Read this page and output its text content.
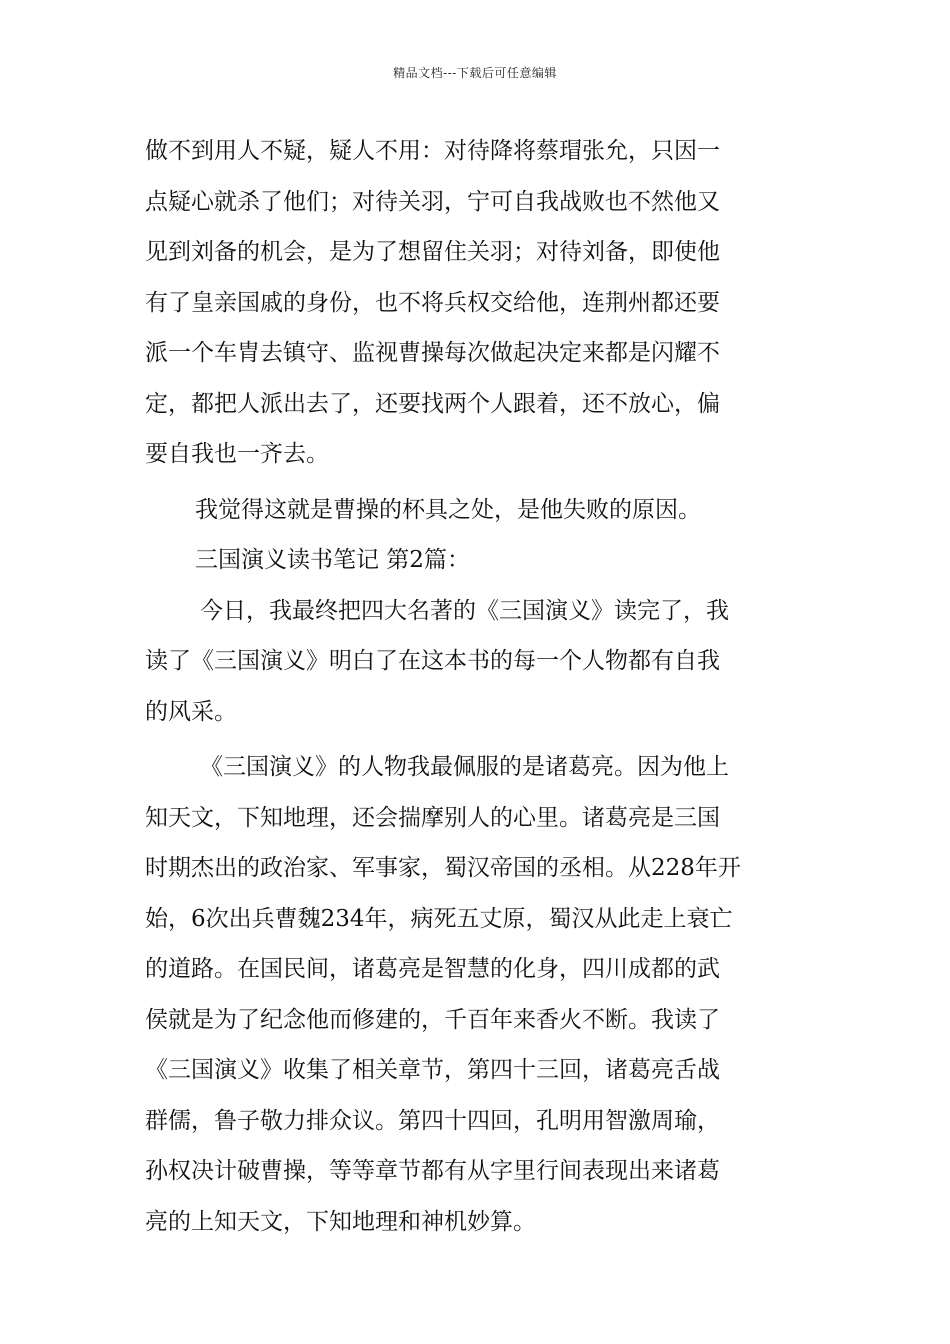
精品文档---下载后可任意编辑
做不到用人不疑，疑人不用：对待降将蔡瑁张允，只因一
点疑心就杀了他们；对待关羽，宁可自我战败也不然他又
见到刘备的机会，是为了想留住关羽；对待刘备，即使他
有了皇亲国戚的身份，也不将兵权交给他，连荆州都还要
派一个车胄去镇守、监视曹操每次做起决定来都是闪耀不
定，都把人派出去了，还要找两个人跟着，还不放心，偏
要自我也一齐去。
我觉得这就是曹操的杯具之处，是他失败的原因。
三国演义读书笔记 第2篇：
今日，我最终把四大名著的《三国演义》读完了，我
读了《三国演义》明白了在这本书的每一个人物都有自我
的风采。
《三国演义》的人物我最佩服的是诸葛亮。因为他上
知天文，下知地理，还会揣摩别人的心里。诸葛亮是三国
时期杰出的政治家、军事家，蜀汉帝国的丞相。从228年开
始，6次出兵曹魏234年，病死五丈原，蜀汉从此走上衰亡
的道路。在国民间，诸葛亮是智慧的化身，四川成都的武
侯就是为了纪念他而修建的，千百年来香火不断。我读了
《三国演义》收集了相关章节，第四十三回，诸葛亮舌战
群儒，鲁子敬力排众议。第四十四回，孔明用智激周瑜，
孙权决计破曹操，等等章节都有从字里行间表现出来诸葛
亮的上知天文，下知地理和神机妙算。
